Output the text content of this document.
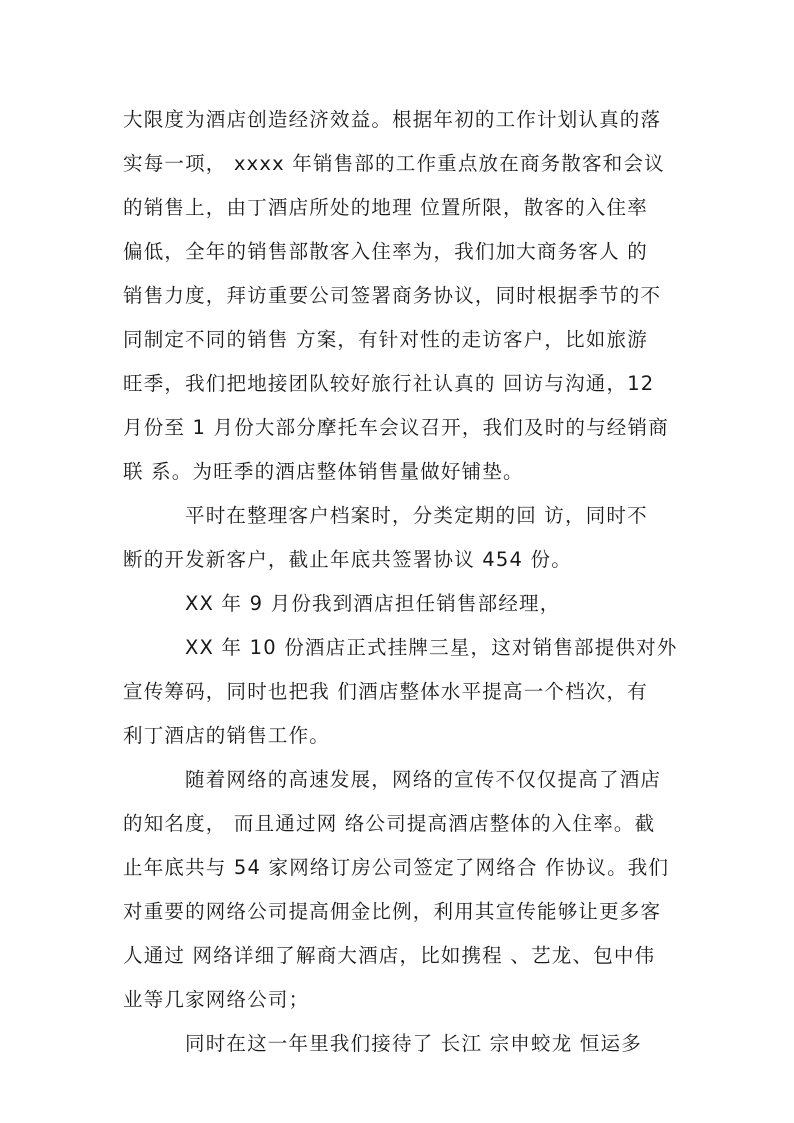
大限度为酒店创造经济效益。根据年初的工作计划认真的落
实每一项， xxxx 年销售部的工作重点放在商务散客和会议
的销售上，由丁酒店所处的地理 位置所限，散客的入住率
偏低，全年的销售部散客入住率为，我们加大商务客人 的
销售力度，拜访重要公司签署商务协议，同时根据季节的不
同制定不同的销售 方案，有针对性的走访客户，比如旅游
旺季，我们把地接团队较好旅行社认真的 回访与沟通，12
月份至 1 月份大部分摩托车会议召开，我们及时的与经销商
联 系。为旺季的酒店整体销售量做好铺垫。
平时在整理客户档案时，分类定期的回 访，同时不
断的开发新客户，截止年底共签署协议 454 份。
XX 年 9 月份我到酒店担任销售部经理，
XX 年 10 份酒店正式挂牌三星，这对销售部提供对外
宣传筹码，同时也把我 们酒店整体水平提高一个档次，有
利丁酒店的销售工作。
随着网络的高速发展，网络的宣传不仅仅提高了酒店
的知名度， 而且通过网 络公司提高酒店整体的入住率。截
止年底共与 54 家网络订房公司签定了网络合 作协议。我们
对重要的网络公司提高佣金比例，利用其宣传能够让更多客
人通过 网络详细了解商大酒店，比如携程 、艺龙、包中伟
业等几家网络公司；
同时在这一年里我们接待了 长江 宗申蛟龙 恒运多
